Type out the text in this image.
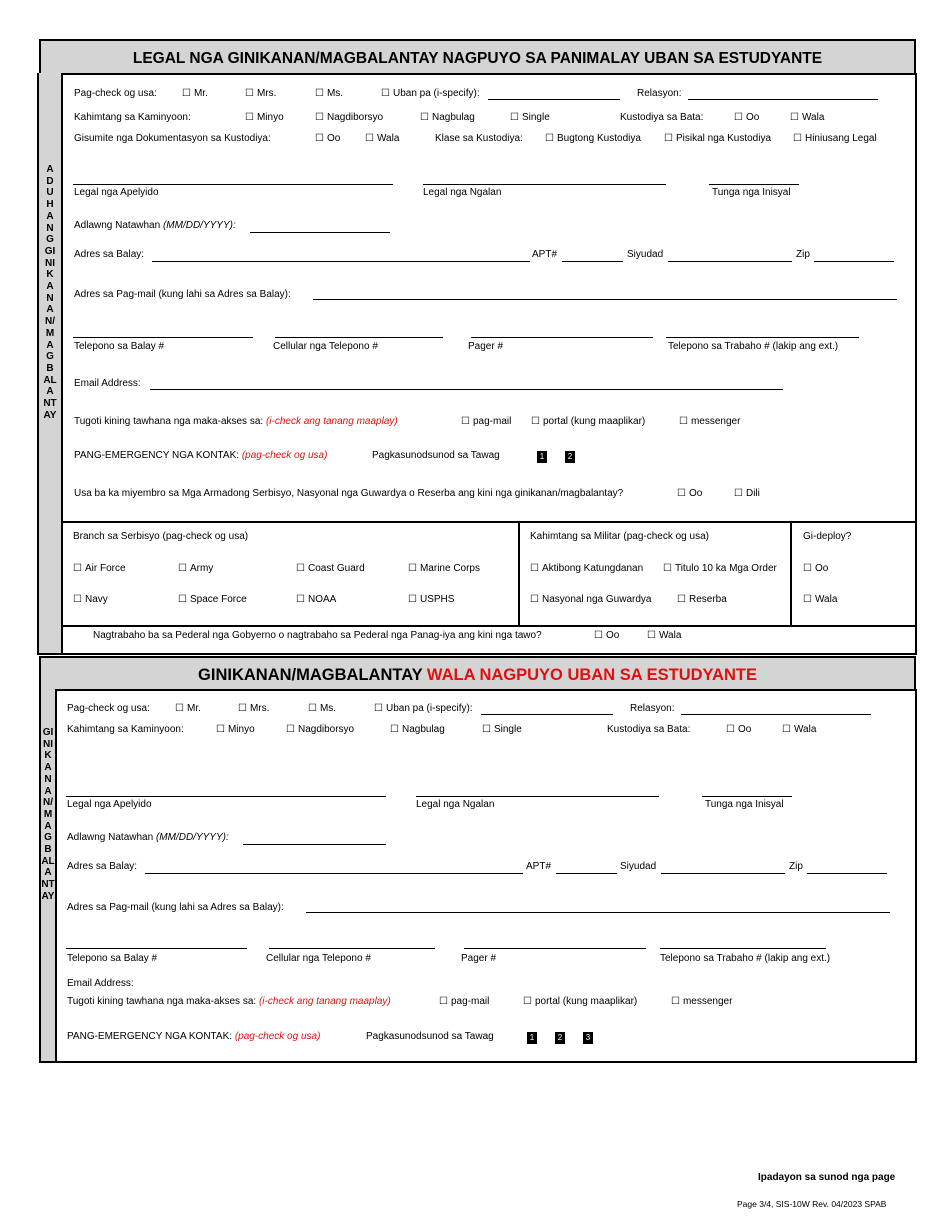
LEGAL NGA GINIKANAN/MAGBALANTAY NAGPUYO SA PANIMALAY UBAN SA ESTUDYANTE
ADUHANG GINIKANAN/MAGBALANTAY
Pag-check og usa:	☐ Mr.	☐ Mrs.	☐ Ms.	☐ Uban pa (i-specify):	Relasyon:
Kahimtang sa Kaminyoon:	☐ Minyo	☐ Nagdiborsyo	☐ Nagbulag	☐ Single	Kustodiya sa Bata:	☐ Oo	☐ Wala
Gisumite nga Dokumentasyon sa Kustodiya:	☐ Oo	☐ Wala	Klase sa Kustodiya:	☐ Bugtong Kustodiya	☐ Pisikal nga Kustodiya	☐ Hiniusang Legal
Legal nga Apelyido	Legal nga Ngalan	Tunga nga Inisyal
Adlawng Natawhan (MM/DD/YYYY):
Adres sa Balay:	APT#	Siyudad	Zip
Adres sa Pag-mail (kung lahi sa Adres sa Balay):
Telepono sa Balay #	Cellular nga Telepono #	Pager #	Telepono sa Trabaho # (lakip ang ext.)
Email Address:
Tugoti kining tawhana nga maka-akses sa: (i-check ang tanang maaplay)	☐ pag-mail	☐ portal (kung maaplikar)	☐ messenger
PANG-EMERGENCY NGA KONTAK: (pag-check og usa)	Pagkasunodsunod sa Tawag	1	2
Usa ba ka miyembro sa Mga Armadong Serbisyo, Nasyonal nga Guwardya o Reserba ang kini nga ginikanan/magbalantay?	☐ Oo	☐ Dili
Branch sa Serbisyo (pag-check og usa)
☐ Air Force	☐ Army	☐ Coast Guard	☐ Marine Corps
☐ Navy	☐ Space Force	☐ NOAA	☐ USPHS
Kahimtang sa Militar (pag-check og usa)
☐ Aktibong Katungdanan	☐ Titulo 10 ka Mga Order
☐ Nasyonal nga Guwardya	☐ Reserba
Gi-deploy?
☐ Oo
☐ Wala
Nagtrabaho ba sa Pederal nga Gobyerno o nagtrabaho sa Pederal nga Panag-iya ang kini nga tawo?	☐ Oo	☐ Wala
GINIKANAN/MAGBALANTAY WALA NAGPUYO UBAN SA ESTUDYANTE
GINIKANAN/MAGBALANTAY
Pag-check og usa:	☐ Mr.	☐ Mrs.	☐ Ms.	☐ Uban pa (i-specify):	Relasyon:
Kahimtang sa Kaminyoon:	☐ Minyo	☐ Nagdiborsyo	☐ Nagbulag	☐ Single	Kustodiya sa Bata:	☐ Oo	☐ Wala
Legal nga Apelyido	Legal nga Ngalan	Tunga nga Inisyal
Adlawng Natawhan (MM/DD/YYYY):
Adres sa Balay:	APT#	Siyudad	Zip
Adres sa Pag-mail (kung lahi sa Adres sa Balay):
Telepono sa Balay #	Cellular nga Telepono #	Pager #	Telepono sa Trabaho # (lakip ang ext.)
Email Address:
Tugoti kining tawhana nga maka-akses sa: (i-check ang tanang maaplay)	☐ pag-mail	☐ portal (kung maaplikar)	☐ messenger
PANG-EMERGENCY NGA KONTAK: (pag-check og usa)	Pagkasunodsunod sa Tawag	1	2	3
Ipadayon sa sunod nga page
Page 3/4, SIS-10W Rev. 04/2023 SPAB
